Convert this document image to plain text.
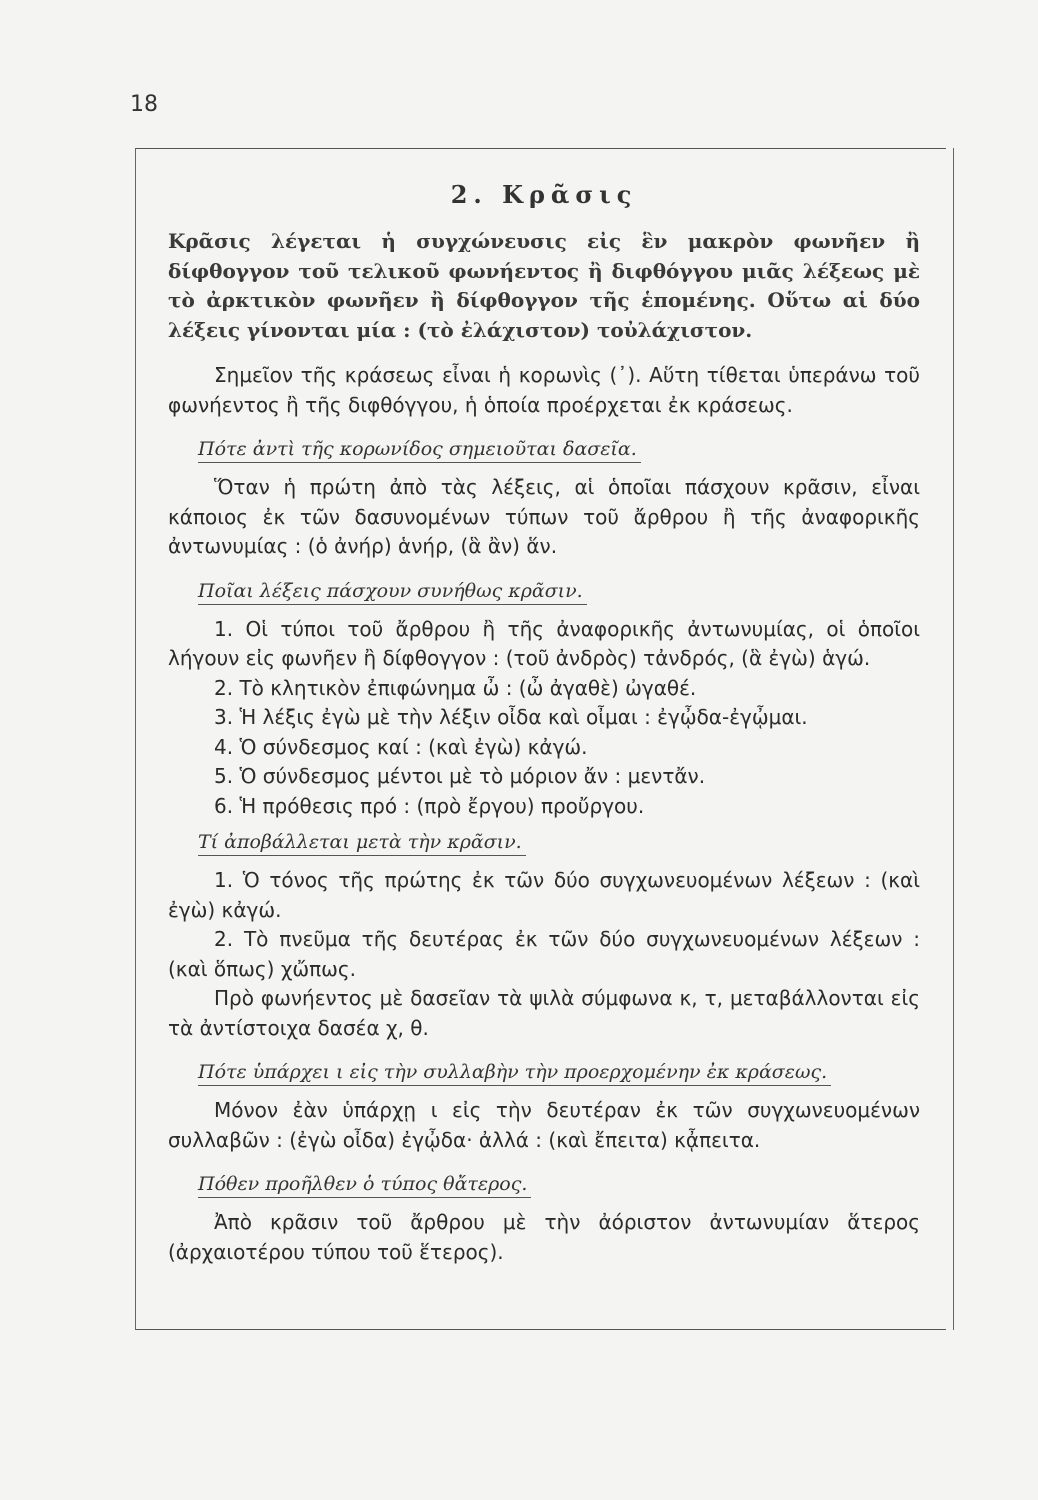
18
2. Κρᾶσις

Κρᾶσις λέγεται ἡ συγχώνευσις εἰς ἓν μακρὸν φωνῆεν ἢ δίφθογγον τοῦ τελικοῦ φωνήεντος ἢ διφθόγγου μιᾶς λέξεως μὲ τὸ ἀρκτικὸν φωνῆεν ἢ δίφθογγον τῆς ἑπομένης. Οὕτω αἱ δύο λέξεις γίνονται μία : (τὸ ἐλάχιστον) τοὐλάχιστον.

Σημεῖον τῆς κράσεως εἶναι ἡ κορωνὶς (᾽). Αὕτη τίθεται ὑπεράνω τοῦ φωνήεντος ἢ τῆς διφθόγγου, ἡ ὁποία προέρχεται ἐκ κράσεως.

Πότε ἀντὶ τῆς κορωνίδος σημειοῦται δασεῖα.

Ὅταν ἡ πρώτη ἀπὸ τὰς λέξεις, αἱ ὁποῖαι πάσχουν κρᾶσιν, εἶναι κάποιος ἐκ τῶν δασυνομένων τύπων τοῦ ἄρθρου ἢ τῆς ἀναφορικῆς ἀντωνυμίας : (ὁ ἀνήρ) ἁνήρ, (ἃ ἂν) ἅν.

Ποῖαι λέξεις πάσχουν συνήθως κρᾶσιν.
1. Οἱ τύποι τοῦ ἄρθρου ἢ τῆς ἀναφορικῆς ἀντωνυμίας, οἱ ὁποῖοι λήγουν εἰς φωνῆεν ἢ δίφθογγον : (τοῦ ἀνδρὸς) τἀνδρός, (ἃ ἐγὼ) ἁγώ.
2. Τὸ κλητικὸν ἐπιφώνημα ὦ : (ὦ ἀγαθὲ) ὠγαθέ.
3. Ἡ λέξις ἐγὼ μὲ τὴν λέξιν οἶδα καὶ οἶμαι : ἐγᾦδα-ἐγᾦμαι.
4. Ὁ σύνδεσμος καί : (καὶ ἐγὼ) κἀγώ.
5. Ὁ σύνδεσμος μέντοι μὲ τὸ μόριον ἄν : μεντἄν.
6. Ἡ πρόθεσις πρό : (πρὸ ἔργου) προὔργου.
Τί ἀποβάλλεται μετὰ τὴν κρᾶσιν.
1. Ὁ τόνος τῆς πρώτης ἐκ τῶν δύο συγχωνευομένων λέξεων : (καὶ ἐγὼ) κἀγώ.
2. Τὸ πνεῦμα τῆς δευτέρας ἐκ τῶν δύο συγχωνευομένων λέξεων : (καὶ ὅπως) χὤπως.

Πρὸ φωνήεντος μὲ δασεῖαν τὰ ψιλὰ σύμφωνα κ, τ, μεταβάλλονται εἰς τὰ ἀντίστοιχα δασέα χ, θ.

Πότε ὑπάρχει ι εἰς τὴν συλλαβὴν τὴν προερχομένην ἐκ κράσεως.

Μόνον ἐὰν ὑπάρχῃ ι εἰς τὴν δευτέραν ἐκ τῶν συγχωνευομένων συλλαβῶν : (ἐγὼ οἶδα) ἐγᾦδα· ἀλλά : (καὶ ἔπειτα) κᾆπειτα.

Πόθεν προῆλθεν ὁ τύπος θἄτερος.

Ἀπὸ κρᾶσιν τοῦ ἄρθρου μὲ τὴν ἀόριστον ἀντωνυμίαν ἅτερος (ἀρχαιοτέρου τύπου τοῦ ἕτερος).
